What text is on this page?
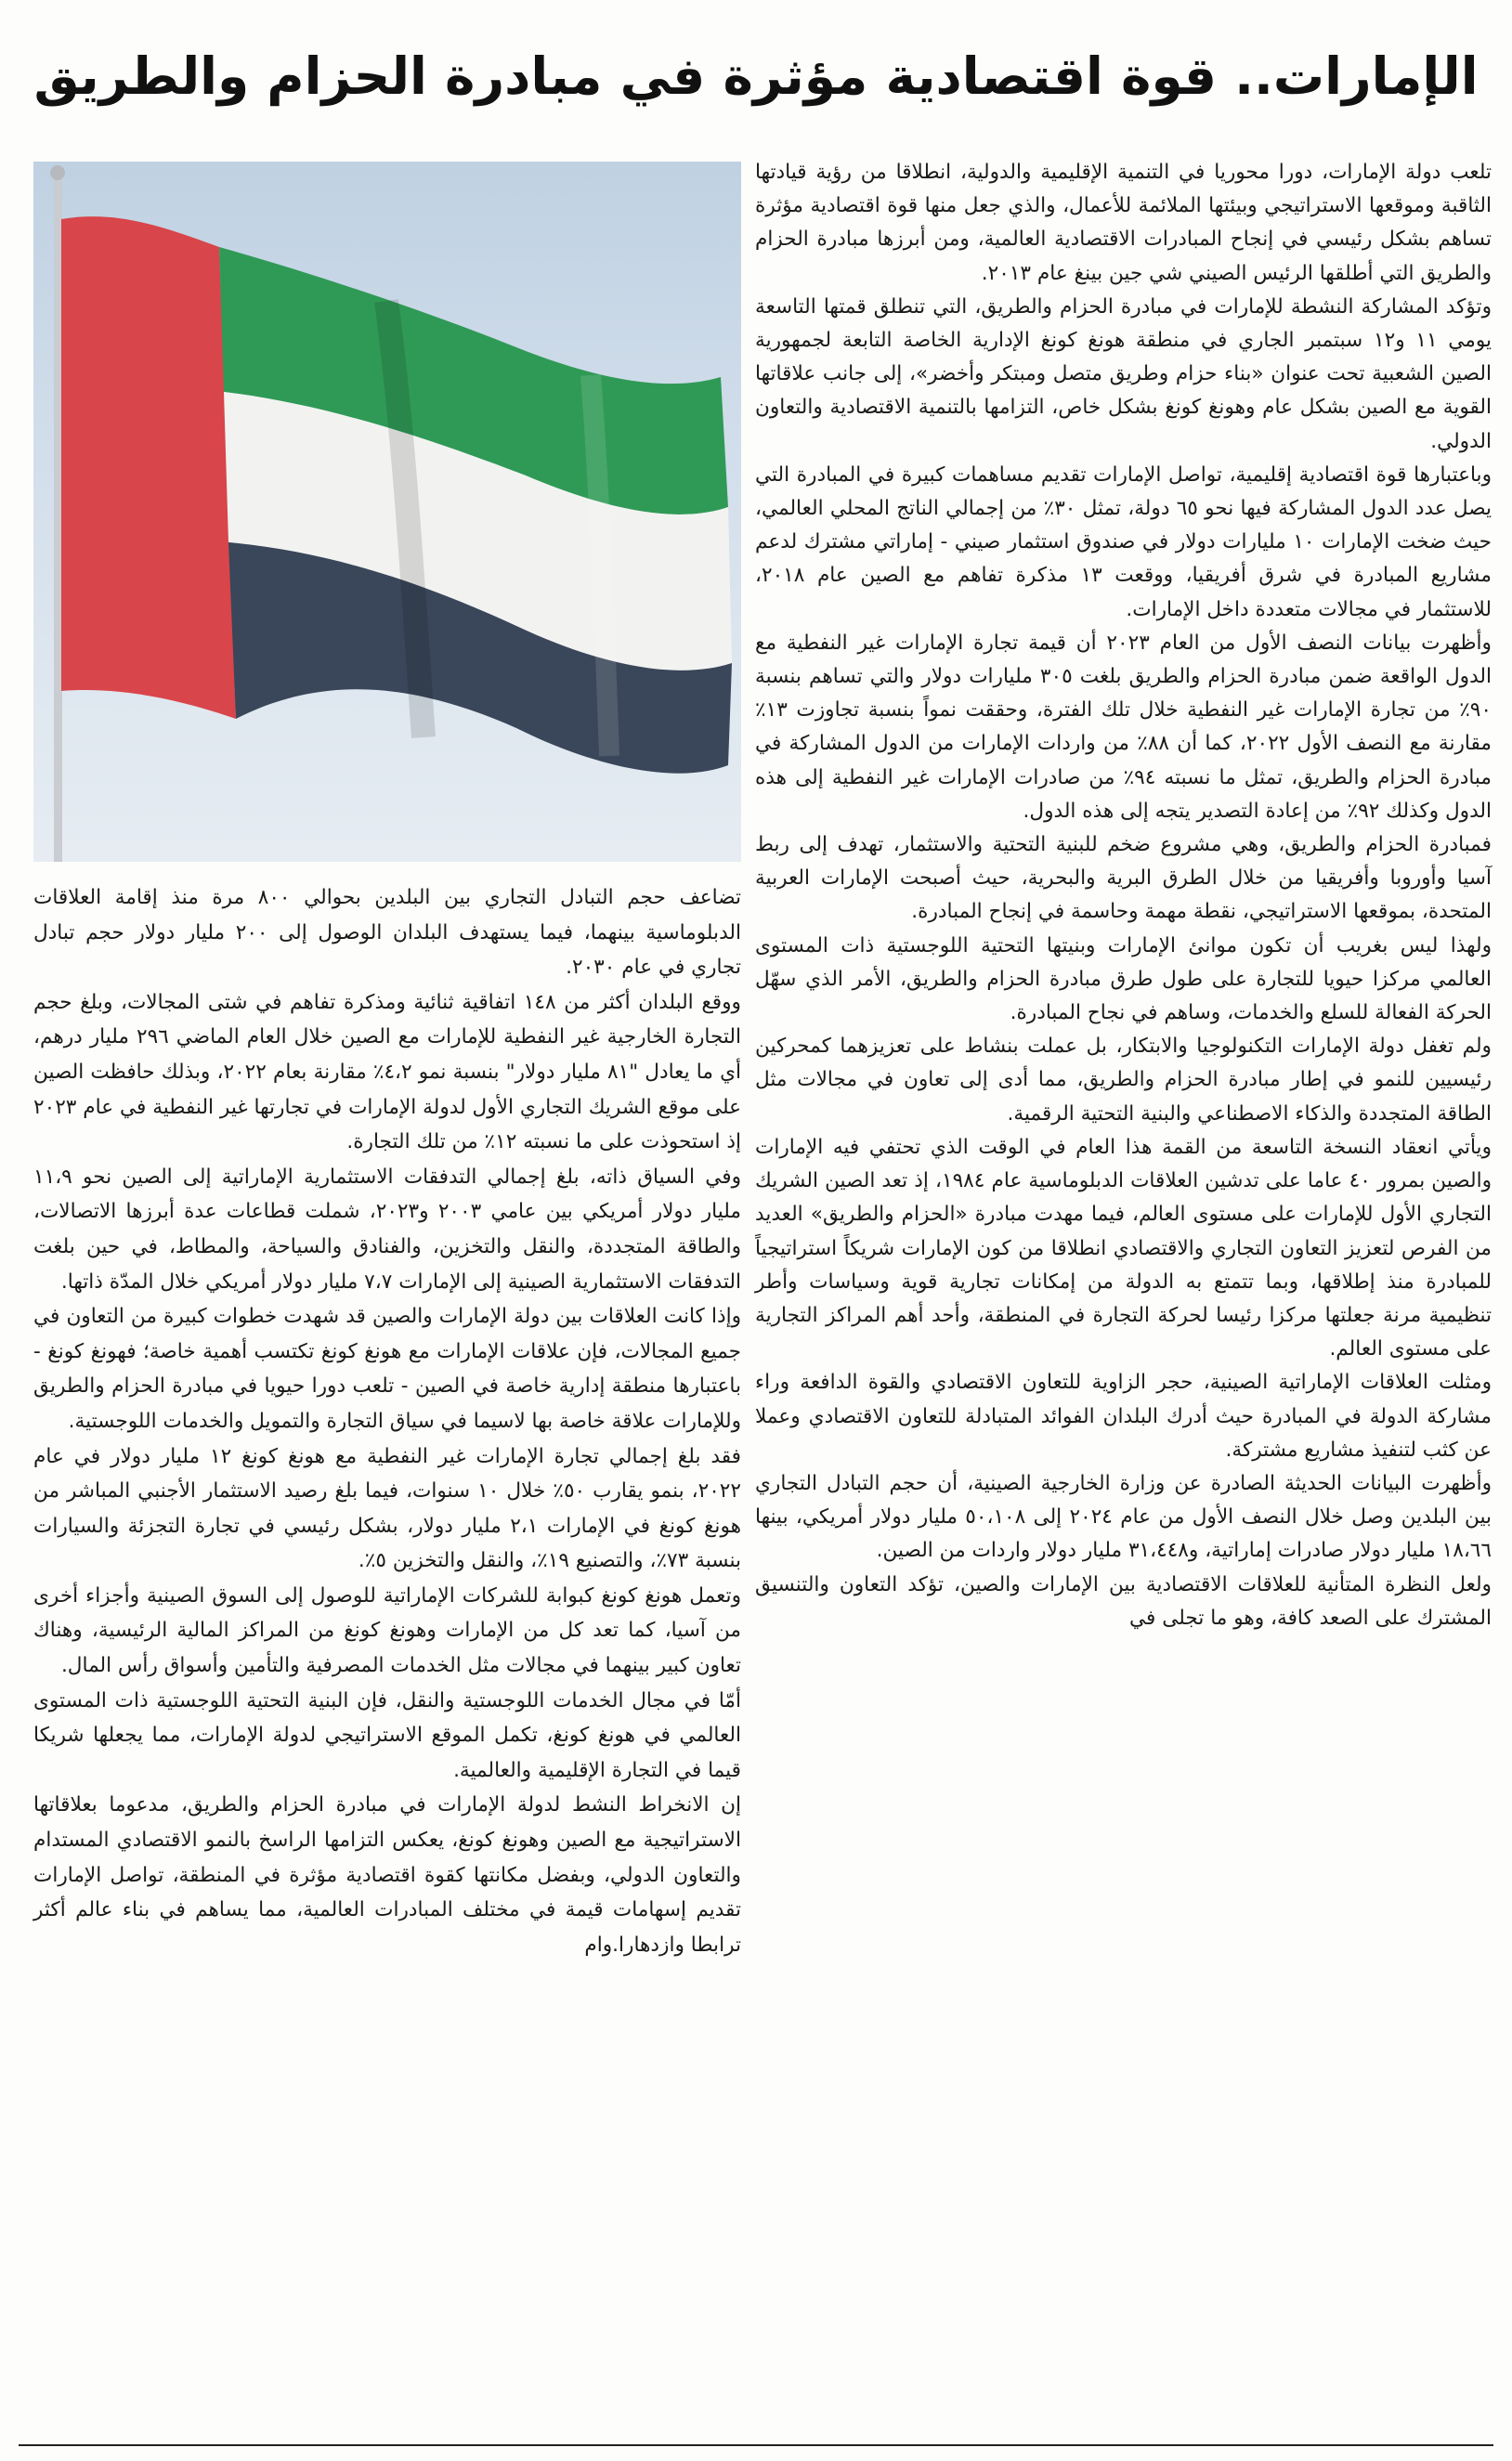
الإمارات.. قوة اقتصادية مؤثرة في مبادرة الحزام والطريق

تلعب دولة الإمارات، دورا محوريا في التنمية الإقليمية والدولية، انطلاقا من رؤية قيادتها الثاقبة وموقعها الاستراتيجي وبيئتها الملائمة للأعمال، والذي جعل منها قوة اقتصادية مؤثرة تساهم بشكل رئيسي في إنجاح المبادرات الاقتصادية العالمية، ومن أبرزها مبادرة الحزام والطريق التي أطلقها الرئيس الصيني شي جين بينغ عام ٢٠١٣.

وتؤكد المشاركة النشطة للإمارات في مبادرة الحزام والطريق، التي تنطلق قمتها التاسعة يومي ١١ و١٢ سبتمبر الجاري في منطقة هونغ كونغ الإدارية الخاصة التابعة لجمهورية الصين الشعبية تحت عنوان «بناء حزام وطريق متصل ومبتكر وأخضر»، إلى جانب علاقاتها القوية مع الصين بشكل عام وهونغ كونغ بشكل خاص، التزامها بالتنمية الاقتصادية والتعاون الدولي.

وباعتبارها قوة اقتصادية إقليمية، تواصل الإمارات تقديم مساهمات كبيرة في المبادرة التي يصل عدد الدول المشاركة فيها نحو ٦٥ دولة، تمثل ٣٠٪ من إجمالي الناتج المحلي العالمي، حيث ضخت الإمارات ١٠ مليارات دولار في صندوق استثمار صيني - إماراتي مشترك لدعم مشاريع المبادرة في شرق أفريقيا، ووقعت ١٣ مذكرة تفاهم مع الصين عام ٢٠١٨، للاستثمار في مجالات متعددة داخل الإمارات.

وأظهرت بيانات النصف الأول من العام ٢٠٢٣ أن قيمة تجارة الإمارات غير النفطية مع الدول الواقعة ضمن مبادرة الحزام والطريق بلغت ٣٠٥ مليارات دولار والتي تساهم بنسبة ٩٠٪ من تجارة الإمارات غير النفطية خلال تلك الفترة، وحققت نمواً بنسبة تجاوزت ١٣٪ مقارنة مع النصف الأول ٢٠٢٢، كما أن ٨٨٪ من واردات الإمارات من الدول المشاركة في مبادرة الحزام والطريق، تمثل ما نسبته ٩٤٪ من صادرات الإمارات غير النفطية إلى هذه الدول وكذلك ٩٢٪ من إعادة التصدير يتجه إلى هذه الدول.

فمبادرة الحزام والطريق، وهي مشروع ضخم للبنية التحتية والاستثمار، تهدف إلى ربط آسيا وأوروبا وأفريقيا من خلال الطرق البرية والبحرية، حيث أصبحت الإمارات العربية المتحدة، بموقعها الاستراتيجي، نقطة مهمة وحاسمة في إنجاح المبادرة.

ولهذا ليس بغريب أن تكون موانئ الإمارات وبنيتها التحتية اللوجستية ذات المستوى العالمي مركزا حيويا للتجارة على طول طرق مبادرة الحزام والطريق، الأمر الذي سهّل الحركة الفعالة للسلع والخدمات، وساهم في نجاح المبادرة.

ولم تغفل دولة الإمارات التكنولوجيا والابتكار، بل عملت بنشاط على تعزيزهما كمحركين رئيسيين للنمو في إطار مبادرة الحزام والطريق، مما أدى إلى تعاون في مجالات مثل الطاقة المتجددة والذكاء الاصطناعي والبنية التحتية الرقمية.

ويأتي انعقاد النسخة التاسعة من القمة هذا العام في الوقت الذي تحتفي فيه الإمارات والصين بمرور ٤٠ عاما على تدشين العلاقات الدبلوماسية عام ١٩٨٤، إذ تعد الصين الشريك التجاري الأول للإمارات على مستوى العالم، فيما مهدت مبادرة «الحزام والطريق» العديد من الفرص لتعزيز التعاون التجاري والاقتصادي انطلاقا من كون الإمارات شريكاً استراتيجياً للمبادرة منذ إطلاقها، وبما تتمتع به الدولة من إمكانات تجارية قوية وسياسات وأطر تنظيمية مرنة جعلتها مركزا رئيسا لحركة التجارة في المنطقة، وأحد أهم المراكز التجارية على مستوى العالم.

ومثلت العلاقات الإماراتية الصينية، حجر الزاوية للتعاون الاقتصادي والقوة الدافعة وراء مشاركة الدولة في المبادرة حيث أدرك البلدان الفوائد المتبادلة للتعاون الاقتصادي وعملا عن كثب لتنفيذ مشاريع مشتركة.

وأظهرت البيانات الحديثة الصادرة عن وزارة الخارجية الصينية، أن حجم التبادل التجاري بين البلدين وصل خلال النصف الأول من عام ٢٠٢٤ إلى ٥٠،١٠٨ مليار دولار أمريكي، بينها ١٨،٦٦ مليار دولار صادرات إماراتية، و٣١،٤٤٨ مليار دولار واردات من الصين.

ولعل النظرة المتأنية للعلاقات الاقتصادية بين الإمارات والصين، تؤكد التعاون والتنسيق المشترك على الصعد كافة، وهو ما تجلى في

تضاعف حجم التبادل التجاري بين البلدين بحوالي ٨٠٠ مرة منذ إقامة العلاقات الدبلوماسية بينهما، فيما يستهدف البلدان الوصول إلى ٢٠٠ مليار دولار حجم تبادل تجاري في عام ٢٠٣٠.

ووقع البلدان أكثر من ١٤٨ اتفاقية ثنائية ومذكرة تفاهم في شتى المجالات، وبلغ حجم التجارة الخارجية غير النفطية للإمارات مع الصين خلال العام الماضي ٢٩٦ مليار درهم، أي ما يعادل "٨١ مليار دولار" بنسبة نمو ٤،٢٪ مقارنة بعام ٢٠٢٢، وبذلك حافظت الصين على موقع الشريك التجاري الأول لدولة الإمارات في تجارتها غير النفطية في عام ٢٠٢٣ إذ استحوذت على ما نسبته ١٢٪ من تلك التجارة.

وفي السياق ذاته، بلغ إجمالي التدفقات الاستثمارية الإماراتية إلى الصين نحو ١١،٩ مليار دولار أمريكي بين عامي ٢٠٠٣ و٢٠٢٣، شملت قطاعات عدة أبرزها الاتصالات، والطاقة المتجددة، والنقل والتخزين، والفنادق والسياحة، والمطاط، في حين بلغت التدفقات الاستثمارية الصينية إلى الإمارات ٧،٧ مليار دولار أمريكي خلال المدّة ذاتها.

وإذا كانت العلاقات بين دولة الإمارات والصين قد شهدت خطوات كبيرة من التعاون في جميع المجالات، فإن علاقات الإمارات مع هونغ كونغ تكتسب أهمية خاصة؛ فهونغ كونغ - باعتبارها منطقة إدارية خاصة في الصين - تلعب دورا حيويا في مبادرة الحزام والطريق وللإمارات علاقة خاصة بها لاسيما في سياق التجارة والتمويل والخدمات اللوجستية.

فقد بلغ إجمالي تجارة الإمارات غير النفطية مع هونغ كونغ ١٢ مليار دولار في عام ٢٠٢٢، بنمو يقارب ٥٠٪ خلال ١٠ سنوات، فيما بلغ رصيد الاستثمار الأجنبي المباشر من هونغ كونغ في الإمارات ٢،١ مليار دولار، بشكل رئيسي في تجارة التجزئة والسيارات بنسبة ٧٣٪، والتصنيع ١٩٪، والنقل والتخزين ٥٪.

وتعمل هونغ كونغ كبوابة للشركات الإماراتية للوصول إلى السوق الصينية وأجزاء أخرى من آسيا، كما تعد كل من الإمارات وهونغ كونغ من المراكز المالية الرئيسية، وهناك تعاون كبير بينهما في مجالات مثل الخدمات المصرفية والتأمين وأسواق رأس المال.

أمّا في مجال الخدمات اللوجستية والنقل، فإن البنية التحتية اللوجستية ذات المستوى العالمي في هونغ كونغ، تكمل الموقع الاستراتيجي لدولة الإمارات، مما يجعلها شريكا قيما في التجارة الإقليمية والعالمية.

إن الانخراط النشط لدولة الإمارات في مبادرة الحزام والطريق، مدعوما بعلاقاتها الاستراتيجية مع الصين وهونغ كونغ، يعكس التزامها الراسخ بالنمو الاقتصادي المستدام والتعاون الدولي، وبفضل مكانتها كقوة اقتصادية مؤثرة في المنطقة، تواصل الإمارات تقديم إسهامات قيمة في مختلف المبادرات العالمية، مما يساهم في بناء عالم أكثر ترابطا وازدهارا.وام
